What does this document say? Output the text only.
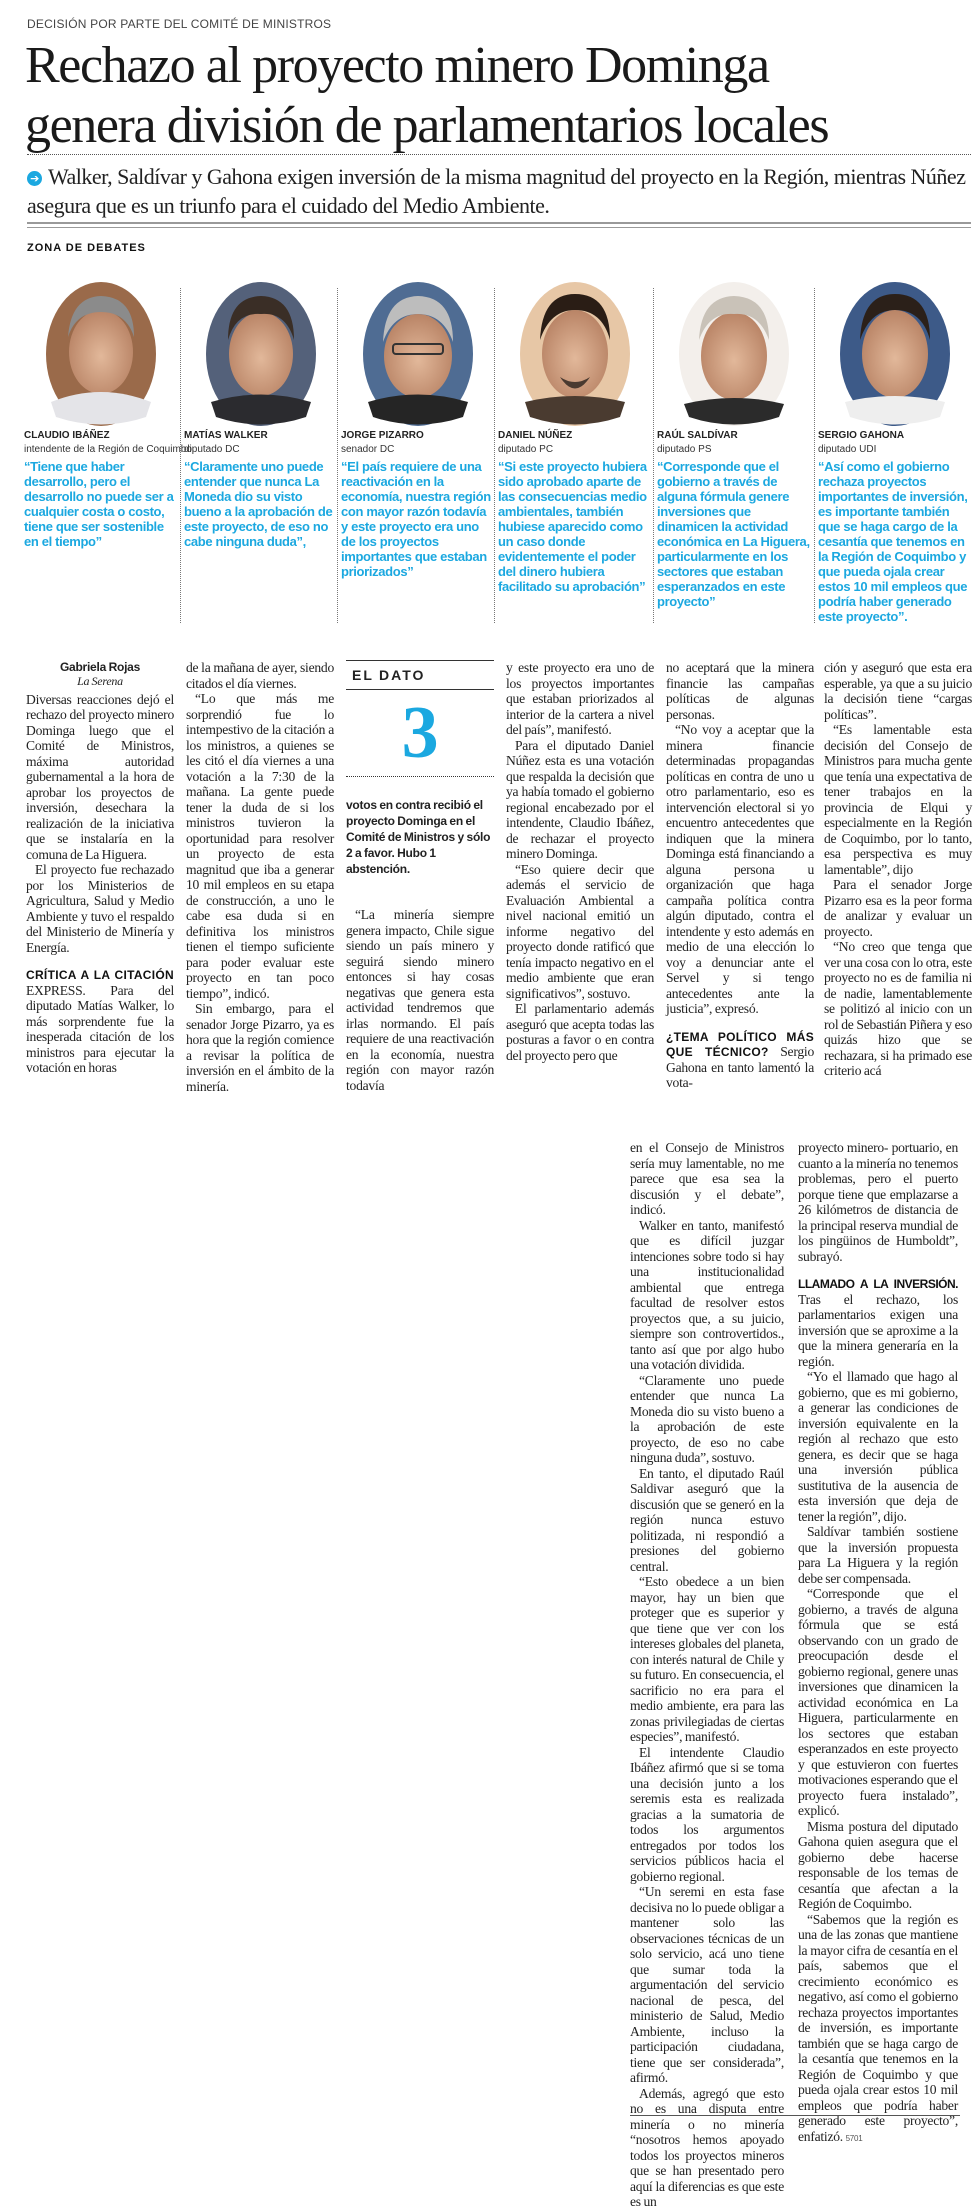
DECISIÓN POR PARTE DEL COMITÉ DE MINISTROS
Rechazo al proyecto minero Dominga
genera división de parlamentarios locales

➔ Walker, Saldívar y Gahona exigen inversión de la misma magnitud del proyecto en la Región, mientras Núñez asegura que es un triunfo para el cuidado del Medio Ambiente.

ZONA DE DEBATES
CLAUDIO IBÁÑEZ
intendente de la Región de Coquimbo
“Tiene que haber desarrollo, pero el desarrollo no puede ser a cualquier costa o costo, tiene que ser sostenible en el tiempo”
MATÍAS WALKER
diputado DC
“Claramente uno puede entender que nunca La Moneda dio su visto bueno a la aprobación de este proyecto, de eso no cabe ninguna duda”,
JORGE PIZARRO
senador DC
“El país requiere de una reactivación en la economía, nuestra región con mayor razón todavía y este proyecto era uno de los proyectos importantes que estaban priorizados”
DANIEL NÚÑEZ
diputado PC
“Si este proyecto hubiera sido aprobado aparte de las consecuencias medio ambientales, también hubiese aparecido como un caso donde evidentemente el poder del dinero hubiera facilitado su aprobación”
RAÚL SALDÍVAR
diputado PS
“Corresponde que el gobierno a través de alguna fórmula genere inversiones que dinamicen la actividad económica en La Higuera, particularmente en los sectores que estaban esperanzados en este proyecto”
SERGIO GAHONA
diputado UDI
“Así como el gobierno rechaza proyectos importantes de inversión, es importante también que se haga cargo de la cesantía que tenemos en la Región de Coquimbo y que pueda ojala crear estos 10 mil empleos que podría haber generado este proyecto”.
Gabriela Rojas
La Serena

Diversas reacciones dejó el rechazo del proyecto minero Dominga luego que el Comité de Ministros, máxima autoridad gubernamental a la hora de aprobar los proyectos de inversión, desechara la realización de la iniciativa que se instalaría en la comuna de La Higuera.

El proyecto fue rechazado por los Ministerios de Agricultura, Salud y Medio Ambiente y tuvo el respaldo del Ministerio de Minería y Energía.

CRÍTICA A LA CITACIÓN EXPRESS. Para del diputado Matías Walker, lo más sorprendente fue la inesperada citación de los ministros para ejecutar la votación en horas

de la mañana de ayer, siendo citados el día viernes.

“Lo que más me sorprendió fue lo intempestivo de la citación a los ministros, a quienes se les citó el día viernes a una votación a la 7:30 de la mañana. La gente puede tener la duda de si los ministros tuvieron la oportunidad para resolver un proyecto de esta magnitud que iba a generar 10 mil empleos en su etapa de construcción, a uno le cabe esa duda si en definitiva los ministros tienen el tiempo suficiente para poder evaluar este proyecto en tan poco tiempo”, indicó.

Sin embargo, para el senador Jorge Pizarro, ya es hora que la región comience a revisar la política de inversión en el ámbito de la minería.

EL DATO
3
votos en contra recibió el proyecto Dominga en el Comité de Ministros y sólo 2 a favor. Hubo 1 abstención.

“La minería siempre genera impacto, Chile sigue siendo un país minero y seguirá siendo minero entonces si hay cosas negativas que genera esta actividad tendremos que irlas normando. El país requiere de una reactivación en la economía, nuestra región con mayor razón todavía

y este proyecto era uno de los proyectos importantes que estaban priorizados al interior de la cartera a nivel del país”, manifestó.

Para el diputado Daniel Núñez esta es una votación que respalda la decisión que ya había tomado el gobierno regional encabezado por el intendente, Claudio Ibáñez, de rechazar el proyecto minero Dominga.

“Eso quiere decir que además el servicio de Evaluación Ambiental a nivel nacional emitió un informe negativo del proyecto donde ratificó que tenía impacto negativo en el medio ambiente que eran significativos”, sostuvo.

El parlamentario además aseguró que acepta todas las posturas a favor o en contra del proyecto pero que

no aceptará que la minera financie las campañas políticas de algunas personas.

“No voy a aceptar que la minera financie determinadas propagandas políticas en contra de uno u otro parlamentario, eso es intervención electoral si yo encuentro antecedentes que indiquen que la minera Dominga está financiando a alguna persona u organización que haga campaña política contra algún diputado, contra el intendente y esto además en medio de una elección lo voy a denunciar ante el Servel y si tengo antecedentes ante la justicia”, expresó.

¿TEMA POLÍTICO MÁS QUE TÉCNICO? Sergio Gahona en tanto lamentó la vota-

ción y aseguró que esta era esperable, ya que a su juicio la decisión tiene “cargas políticas”.

“Es lamentable esta decisión del Consejo de Ministros para mucha gente que tenía una expectativa de tener trabajos en la provincia de Elqui y especialmente en la Región de Coquimbo, por lo tanto, esa perspectiva es muy lamentable”, dijo

Para el senador Jorge Pizarro esa es la peor forma de analizar y evaluar un proyecto.

“No creo que tenga que ver una cosa con lo otra, este proyecto no es de familia ni de nadie, lamentablemente se politizó al inicio con un rol de Sebastián Piñera y eso quizás hizo que se rechazara, si ha primado ese criterio acá

en el Consejo de Ministros sería muy lamentable, no me parece que esa sea la discusión y el debate”, indicó.

Walker en tanto, manifestó que es difícil juzgar intenciones sobre todo si hay una institucionalidad ambiental que entrega facultad de resolver estos proyectos que, a su juicio, siempre son controvertidos., tanto así que por algo hubo una votación dividida.

“Claramente uno puede entender que nunca La Moneda dio su visto bueno a la aprobación de este proyecto, de eso no cabe ninguna duda”, sostuvo.

En tanto, el diputado Raúl Saldivar aseguró que la discusión que se generó en la región nunca estuvo politizada, ni respondió a presiones del gobierno central.

“Esto obedece a un bien mayor, hay un bien que proteger que es superior y que tiene que ver con los intereses globales del planeta, con interés natural de Chile y su futuro. En consecuencia, el sacrificio no era para el medio ambiente, era para las zonas privilegiadas de ciertas especies”, manifestó.

El intendente Claudio Ibáñez afirmó que si se toma una decisión junto a los seremis esta es realizada gracias a la sumatoria de todos los argumentos entregados por todos los servicios públicos hacia el gobierno regional.

“Un seremi en esta fase decisiva no lo puede obligar a mantener solo las observaciones técnicas de un solo servicio, acá uno tiene que sumar toda la argumentación del servicio nacional de pesca, del ministerio de Salud, Medio Ambiente, incluso la participación ciudadana, tiene que ser considerada”, afirmó.

Además, agregó que esto no es una disputa entre minería o no minería “nosotros hemos apoyado todos los proyectos mineros que se han presentado pero aquí la diferencias es que este es un

proyecto minero- portuario, en cuanto a la minería no tenemos problemas, pero el puerto porque tiene que emplazarse a 26 kilómetros de distancia de la principal reserva mundial de los pingüinos de Humboldt”, subrayó.

LLAMADO A LA INVERSIÓN. Tras el rechazo, los parlamentarios exigen una inversión que se aproxime a la que la minera generaría en la región.

“Yo el llamado que hago al gobierno, que es mi gobierno, a generar las condiciones de inversión equivalente en la región al rechazo que esto genera, es decir que se haga una inversión pública sustitutiva de la ausencia de esta inversión que deja de tener la región”, dijo.

Saldívar también sostiene que la inversión propuesta para La Higuera y la región debe ser compensada.

“Corresponde que el gobierno, a través de alguna fórmula que se está observando con un grado de preocupación desde el gobierno regional, genere unas inversiones que dinamicen la actividad económica en La Higuera, particularmente en los sectores que estaban esperanzados en este proyecto y que estuvieron con fuertes motivaciones esperando que el proyecto fuera instalado”, explicó.

Misma postura del diputado Gahona quien asegura que el gobierno debe hacerse responsable de los temas de cesantía que afectan a la Región de Coquimbo.

“Sabemos que la región es una de las zonas que mantiene la mayor cifra de cesantía en el país, sabemos que el crecimiento económico es negativo, así como el gobierno rechaza proyectos importantes de inversión, es importante también que se haga cargo de la cesantía que tenemos en la Región de Coquimbo y que pueda ojala crear estos 10 mil empleos que podría haber generado este proyecto”, enfatizó. 5701
